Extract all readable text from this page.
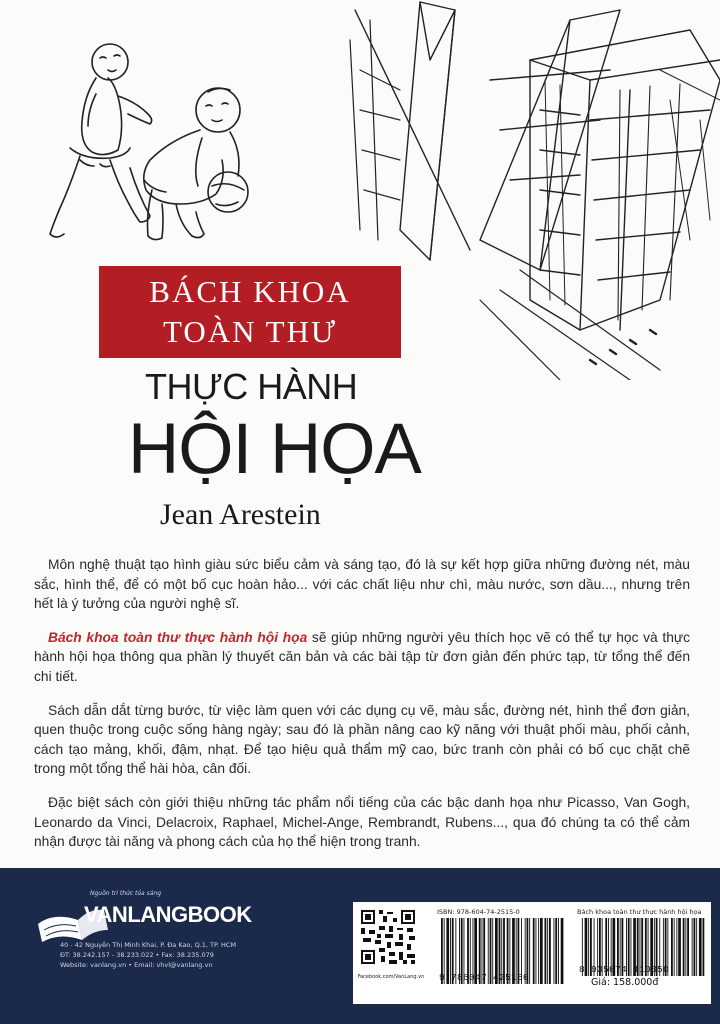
BÁCH KHOA
TOÀN THƯ
THỰC HÀNH
HỘI HỌA
Jean Arestein

Môn nghệ thuật tạo hình giàu sức biểu cảm và sáng tạo, đó là sự kết hợp giữa những đường nét, màu sắc, hình thể, để có một bố cục hoàn hảo... với các chất liệu như chì, màu nước, sơn dầu..., nhưng trên hết là ý tưởng của người nghệ sĩ.

Bách khoa toàn thư thực hành hội họa sẽ giúp những người yêu thích học vẽ có thể tự học và thực hành hội họa thông qua phần lý thuyết căn bản và các bài tập từ đơn giản đến phức tạp, từ tổng thể đến chi tiết.

Sách dẫn dắt từng bước, từ việc làm quen với các dụng cụ vẽ, màu sắc, đường nét, hình thể đơn giản, quen thuộc trong cuộc sống hàng ngày; sau đó là phần nâng cao kỹ năng với thuật phối màu, phối cảnh, cách tạo mảng, khối, đậm, nhạt. Để tạo hiệu quả thẩm mỹ cao, bức tranh còn phải có bố cục chặt chẽ trong một tổng thể hài hòa, cân đối.

Đặc biệt sách còn giới thiệu những tác phẩm nổi tiếng của các bậc danh họa như Picasso, Van Gogh, Leonardo da Vinci, Delacroix, Raphael, Michel-Ange, Rembrandt, Rubens..., qua đó chúng ta có thể cảm nhận được tài năng và phong cách của họ thể hiện trong tranh.

Nguồn tri thức tỏa sáng
VANLANGBOOK
40 - 42 Nguyễn Thị Minh Khai, P. Đa Kao, Q.1, TP. HCM
ĐT: 38.242.157 - 38.233.022 • Fax: 38.235.079
Website: vanlang.vn • Email: vhvl@vanlang.vn
Facebook.com/VanLang.vn
ISBN: 978-604-74-2515-0
9 786047 425150
Bách khoa toàn thư thực hành hội họa
8 935074 110350
Giá: 158.000đ
